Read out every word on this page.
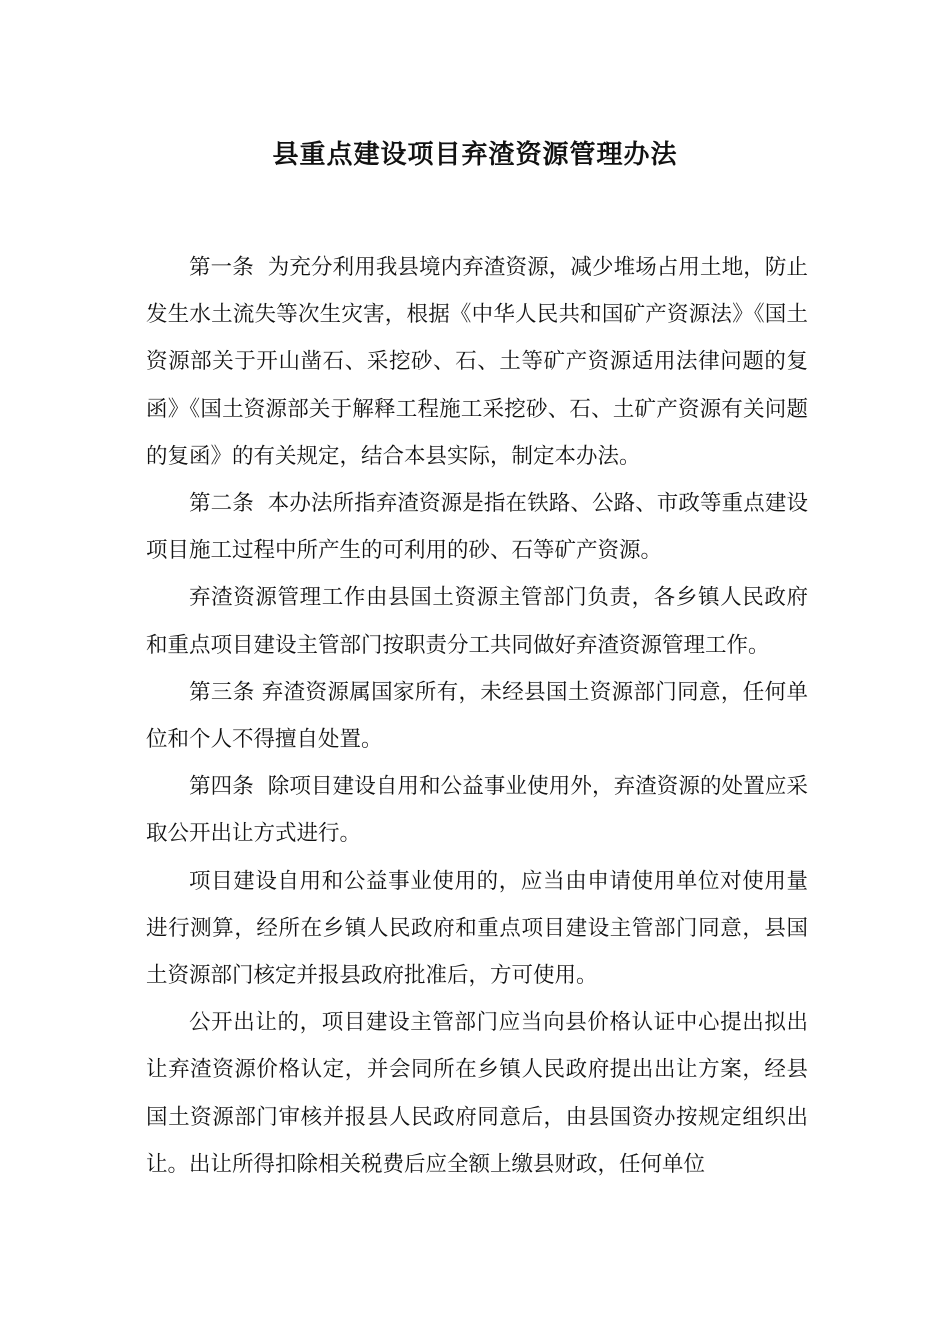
县重点建设项目弃渣资源管理办法

第一条  为充分利用我县境内弃渣资源，减少堆场占用土地，防止发生水土流失等次生灾害，根据《中华人民共和国矿产资源法》《国土资源部关于开山凿石、采挖砂、石、土等矿产资源适用法律问题的复函》《国土资源部关于解释工程施工采挖砂、石、土矿产资源有关问题的复函》的有关规定，结合本县实际，制定本办法。

第二条  本办法所指弃渣资源是指在铁路、公路、市政等重点建设项目施工过程中所产生的可利用的砂、石等矿产资源。

弃渣资源管理工作由县国土资源主管部门负责，各乡镇人民政府和重点项目建设主管部门按职责分工共同做好弃渣资源管理工作。

第三条 弃渣资源属国家所有，未经县国土资源部门同意，任何单位和个人不得擅自处置。

第四条  除项目建设自用和公益事业使用外，弃渣资源的处置应采取公开出让方式进行。

项目建设自用和公益事业使用的，应当由申请使用单位对使用量进行测算，经所在乡镇人民政府和重点项目建设主管部门同意，县国土资源部门核定并报县政府批准后，方可使用。

公开出让的，项目建设主管部门应当向县价格认证中心提出拟出让弃渣资源价格认定，并会同所在乡镇人民政府提出出让方案，经县国土资源部门审核并报县人民政府同意后，由县国资办按规定组织出让。出让所得扣除相关税费后应全额上缴县财政，任何单位
